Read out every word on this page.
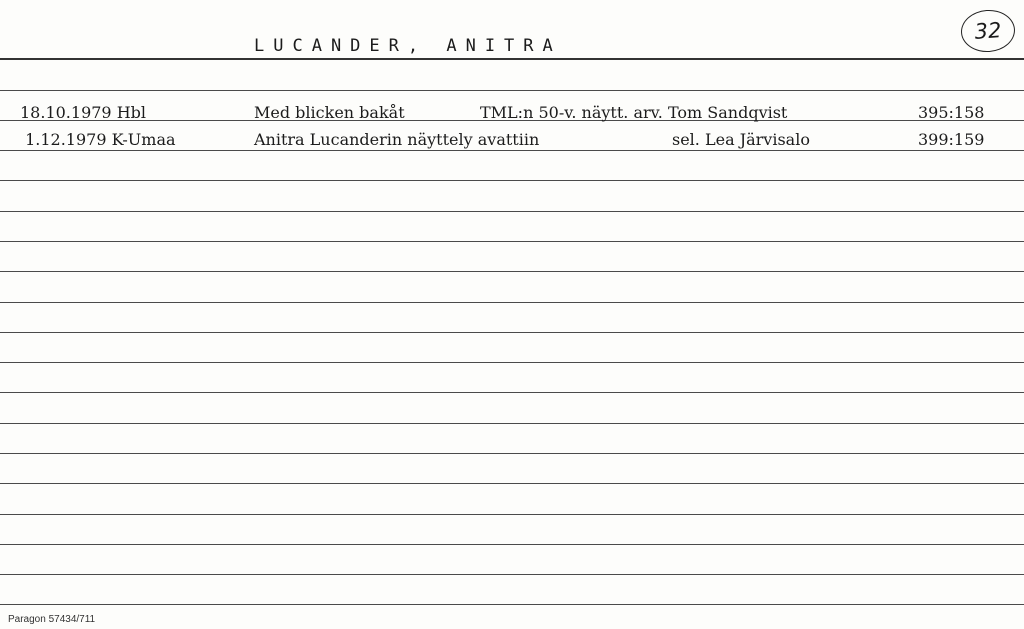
32
LUCANDER, ANITRA
18.10.1979 Hbl	Med blicken bakåt	TML:n 50-v. näytt. arv. Tom Sandqvist	395:158
1.12.1979 K-Umaa	Anitra Lucanderin näyttely avattiin	sel. Lea Järvisalo	399:159
Paragon 57434/711
